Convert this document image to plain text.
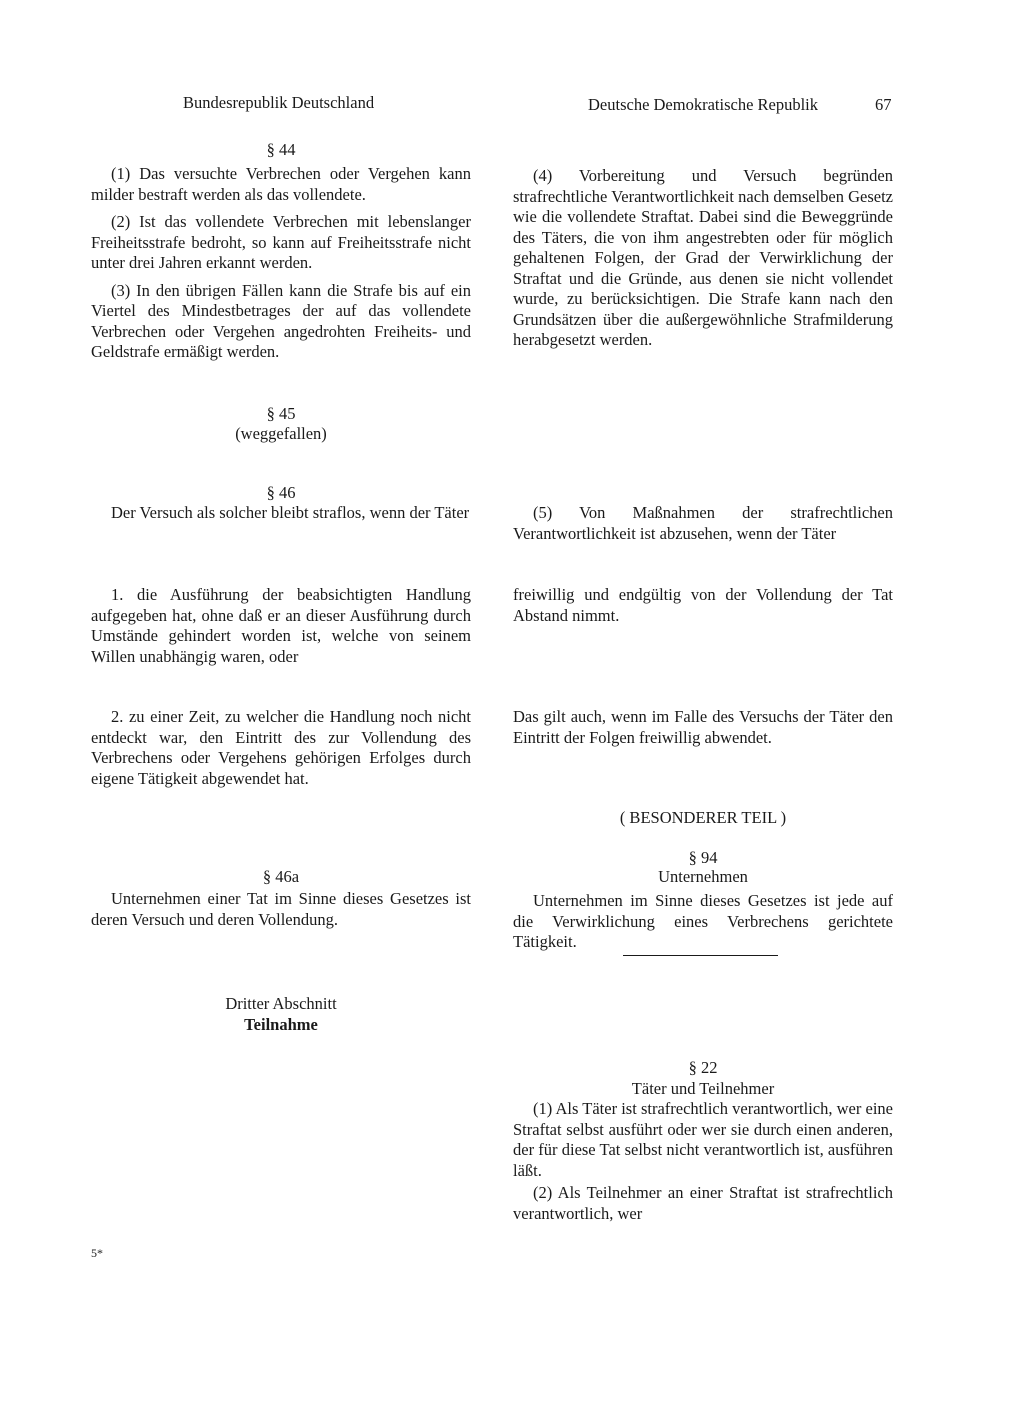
Bundesrepublik Deutschland	Deutsche Demokratische Republik	67
§ 44

(1) Das versuchte Verbrechen oder Vergehen kann milder bestraft werden als das vollendete.

(2) Ist das vollendete Verbrechen mit lebenslanger Freiheitsstrafe bedroht, so kann auf Freiheitsstrafe nicht unter drei Jahren erkannt werden.

(3) In den übrigen Fällen kann die Strafe bis auf ein Viertel des Mindestbetrages der auf das vollendete Verbrechen oder Vergehen angedrohten Freiheits- und Geldstrafe ermäßigt werden.

§ 45
(weggefallen)
§ 46

Der Versuch als solcher bleibt straflos, wenn der Täter

1. die Ausführung der beabsichtigten Handlung aufgegeben hat, ohne daß er an dieser Ausführung durch Umstände gehindert worden ist, welche von seinem Willen unabhängig waren, oder

2. zu einer Zeit, zu welcher die Handlung noch nicht entdeckt war, den Eintritt des zur Vollendung des Verbrechens oder Vergehens gehörigen Erfolges durch eigene Tätigkeit abgewendet hat.

§ 46a

Unternehmen einer Tat im Sinne dieses Gesetzes ist deren Versuch und deren Vollendung.

Dritter Abschnitt
Teilnahme

(4) Vorbereitung und Versuch begründen strafrechtliche Verantwortlichkeit nach demselben Gesetz wie die vollendete Straftat. Dabei sind die Beweggründe des Täters, die von ihm angestrebten oder für möglich gehaltenen Folgen, der Grad der Verwirklichung der Straftat und die Gründe, aus denen sie nicht vollendet wurde, zu berücksichtigen. Die Strafe kann nach den Grundsätzen über die außergewöhnliche Strafmilderung herabgesetzt werden.

(5) Von Maßnahmen der strafrechtlichen Verantwortlichkeit ist abzusehen, wenn der Täter

freiwillig und endgültig von der Vollendung der Tat Abstand nimmt.

Das gilt auch, wenn im Falle des Versuchs der Täter den Eintritt der Folgen freiwillig abwendet.

( BESONDERER TEIL )
§ 94
Unternehmen

Unternehmen im Sinne dieses Gesetzes ist jede auf die Verwirklichung eines Verbrechens gerichtete Tätigkeit.

§ 22
Täter und Teilnehmer

(1) Als Täter ist strafrechtlich verantwortlich, wer eine Straftat selbst ausführt oder wer sie durch einen anderen, der für diese Tat selbst nicht verantwortlich ist, ausführen läßt.

(2) Als Teilnehmer an einer Straftat ist strafrechtlich verantwortlich, wer

5*
